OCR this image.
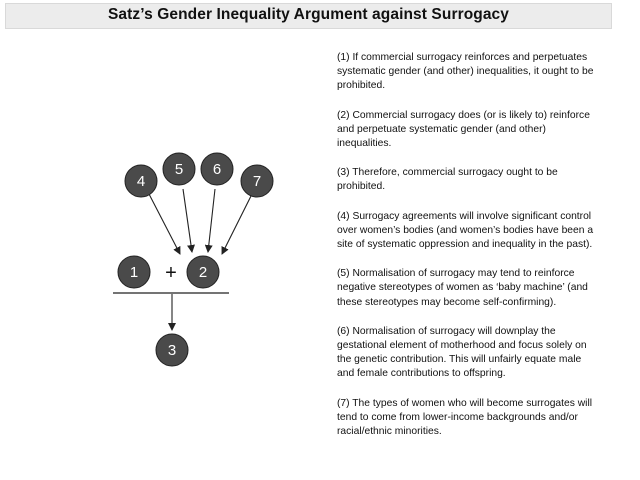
Satz’s Gender Inequality Argument against Surrogacy
4
5 6
7
1 + 2
3

(1) If commercial surrogacy reinforces and perpetuates systematic gender (and other) inequalities, it ought to be prohibited.

(2) Commercial surrogacy does (or is likely to) reinforce and perpetuate systematic gender (and other) inequalities.

(3) Therefore, commercial surrogacy ought to be prohibited.

(4) Surrogacy agreements will involve significant control over women’s bodies (and women’s bodies have been a site of systematic oppression and inequality in the past).

(5) Normalisation of surrogacy may tend to reinforce negative stereotypes of women as ‘baby machine’ (and these stereotypes may become self-confirming).

(6) Normalisation of surrogacy will downplay the gestational element of motherhood and focus solely on the genetic contribution. This will unfairly equate male and female contributions to offspring.

(7) The types of women who will become surrogates will tend to come from lower-income backgrounds and/or racial/ethnic minorities.
